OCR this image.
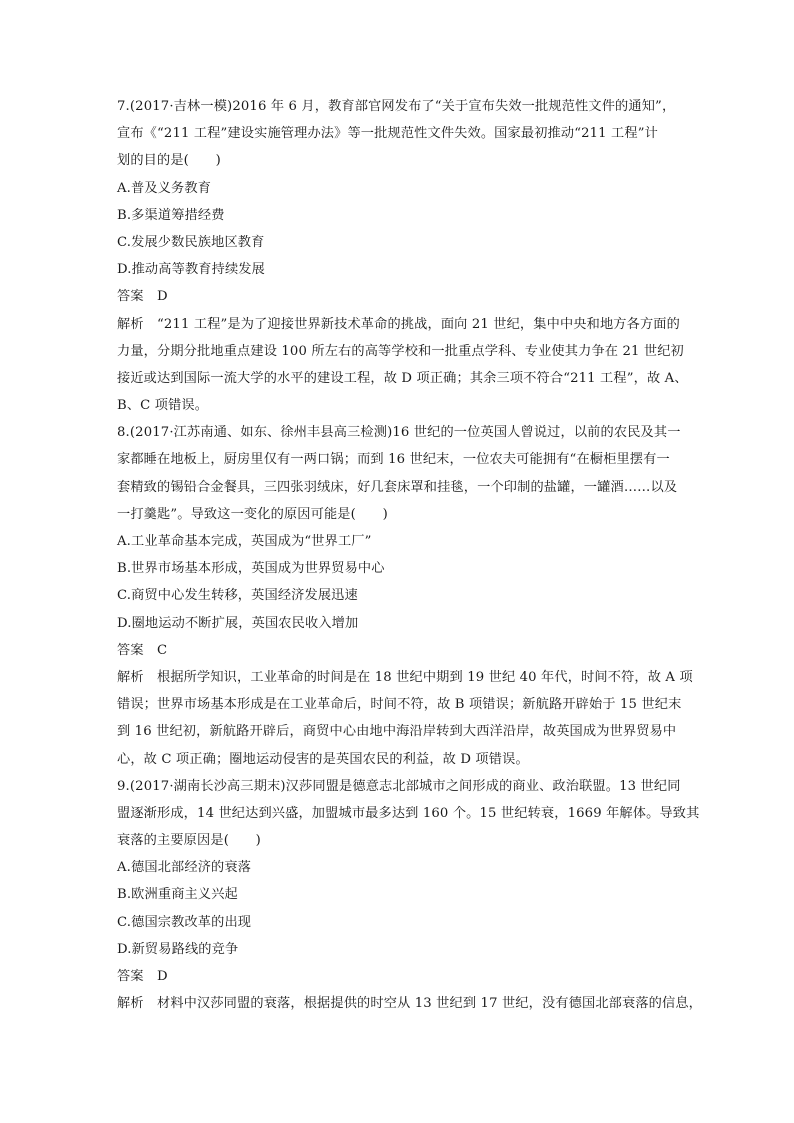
7.(2017·吉林一模)2016 年 6 月，教育部官网发布了“关于宣布失效一批规范性文件的通知”，
宣布《“211 工程”建设实施管理办法》等一批规范性文件失效。国家最初推动“211 工程”计
划的目的是(　　)
A.普及义务教育
B.多渠道筹措经费
C.发展少数民族地区教育
D.推动高等教育持续发展
答案 D
解析 “211 工程”是为了迎接世界新技术革命的挑战，面向 21 世纪，集中中央和地方各方面的
力量，分期分批地重点建设 100 所左右的高等学校和一批重点学科、专业使其力争在 21 世纪初
接近或达到国际一流大学的水平的建设工程，故 D 项正确；其余三项不符合“211 工程”，故 A、
B、C 项错误。
8.(2017·江苏南通、如东、徐州丰县高三检测)16 世纪的一位英国人曾说过，以前的农民及其一
家都睡在地板上，厨房里仅有一两口锅；而到 16 世纪末，一位农夫可能拥有“在橱柜里摆有一
套精致的锡铅合金餐具，三四张羽绒床，好几套床罩和挂毯，一个印制的盐罐，一罐酒……以及
一打羹匙”。导致这一变化的原因可能是(　　)
A.工业革命基本完成，英国成为“世界工厂”
B.世界市场基本形成，英国成为世界贸易中心
C.商贸中心发生转移，英国经济发展迅速
D.圈地运动不断扩展，英国农民收入增加
答案 C
解析 根据所学知识，工业革命的时间是在 18 世纪中期到 19 世纪 40 年代，时间不符，故 A 项
错误；世界市场基本形成是在工业革命后，时间不符，故 B 项错误；新航路开辟始于 15 世纪末
到 16 世纪初，新航路开辟后，商贸中心由地中海沿岸转到大西洋沿岸，故英国成为世界贸易中
心，故 C 项正确；圈地运动侵害的是英国农民的利益，故 D 项错误。
9.(2017·湖南长沙高三期末)汉莎同盟是德意志北部城市之间形成的商业、政治联盟。13 世纪同
盟逐渐形成，14 世纪达到兴盛，加盟城市最多达到 160 个。15 世纪转衰，1669 年解体。导致其
衰落的主要原因是(　　)
A.德国北部经济的衰落
B.欧洲重商主义兴起
C.德国宗教改革的出现
D.新贸易路线的竞争
答案 D
解析 材料中汉莎同盟的衰落，根据提供的时空从 13 世纪到 17 世纪，没有德国北部衰落的信息，
